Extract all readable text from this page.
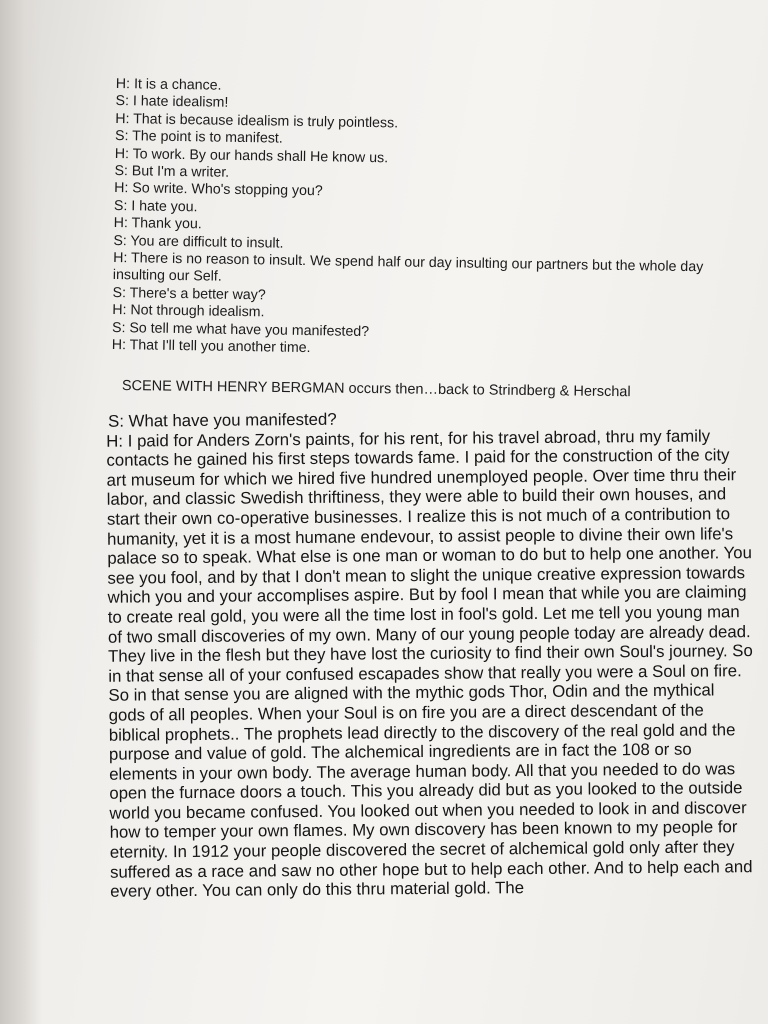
H: It is a chance.
S: I hate idealism!
H: That is because idealism is truly pointless.
S: The point is to manifest.
H: To work. By our hands shall He know us.
S: But I'm a writer.
H: So write. Who's stopping you?
S: I hate you.
H: Thank you.
S: You are difficult to insult.
H: There is no reason to insult. We spend half our day insulting our partners but the whole day insulting our Self.
S: There's a better way?
H: Not through idealism.
S: So tell me what have you manifested?
H: That I'll tell you another time.
SCENE WITH HENRY BERGMAN occurs then…back to Strindberg & Herschal
S: What have you manifested?
H: I paid for Anders Zorn's paints, for his rent, for his travel abroad, thru my family contacts he gained his first steps towards fame. I paid for the construction of the city art museum for which we hired five hundred unemployed people. Over time thru their labor, and classic Swedish thriftiness, they were able to build their own houses, and start their own co-operative businesses. I realize this is not much of a contribution to humanity, yet it is a most humane endevour, to assist people to divine their own life's palace so to speak. What else is one man or woman to do but to help one another. You see you fool, and by that I don't mean to slight the unique creative expression towards which you and your accomplises aspire. But by fool I mean that while you are claiming to create real gold, you were all the time lost in fool's gold. Let me tell you young man of two small discoveries of my own. Many of our young people today are already dead. They live in the flesh but they have lost the curiosity to find their own Soul's journey. So in that sense all of your confused escapades show that really you were a Soul on fire. So in that sense you are aligned with the mythic gods Thor, Odin and the mythical gods of all peoples. When your Soul is on fire you are a direct descendant of the biblical prophets.. The prophets lead directly to the discovery of the real gold and the purpose and value of gold. The alchemical ingredients are in fact the 108 or so elements in your own body. The average human body. All that you needed to do was open the furnace doors a touch. This you already did but as you looked to the outside world you became confused. You looked out when you needed to look in and discover how to temper your own flames. My own discovery has been known to my people for eternity. In 1912 your people discovered the secret of alchemical gold only after they suffered as a race and saw no other hope but to help each other. And to help each and every other. You can only do this thru material gold. The
